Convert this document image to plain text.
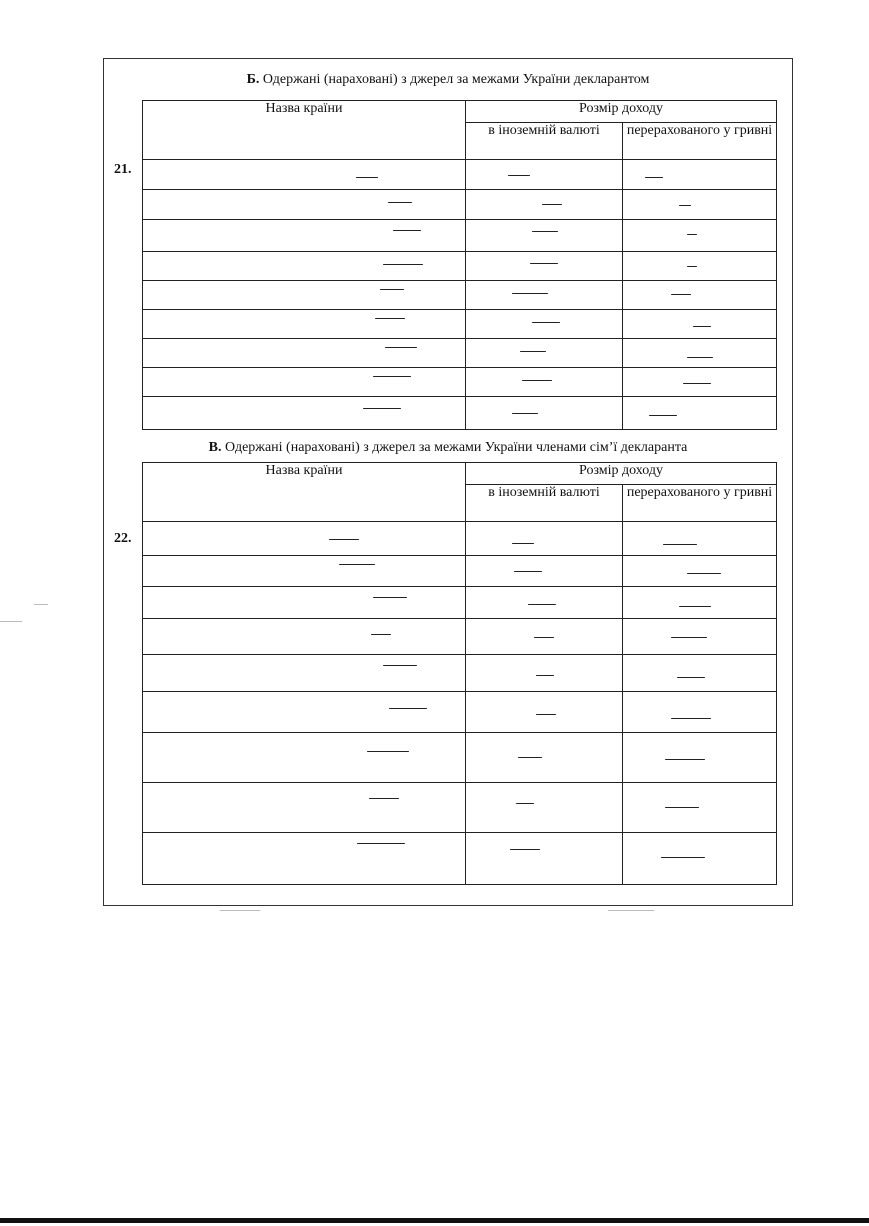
Б. Одержані (нараховані) з джерел за межами України декларантом
21.
Назва країни	Розмір доходу	
	в іноземній валюті	перерахованого у гривні

В. Одержані (нараховані) з джерел за межами України членами сім’ї декларанта
22.
Назва країни	Розмір доходу	
	в іноземній валюті	перерахованого у гривні
